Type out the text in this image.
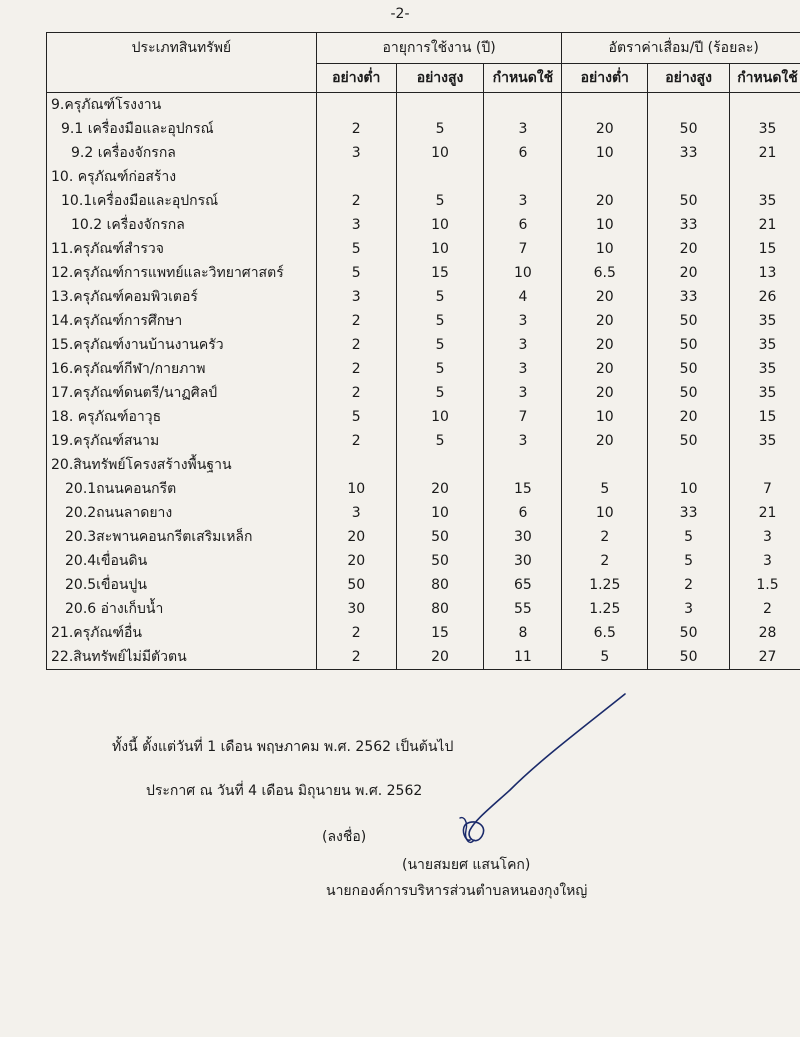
-2-
ประเภทสินทรัพย์	อายุการใช้งาน (ปี)			อัตราค่าเสื่อม/ปี (ร้อยละ)		
	อย่างต่ำ	อย่างสูง	กำหนดใช้	อย่างต่ำ	อย่างสูง	กำหนดใช้
9.ครุภัณฑ์โรงงาน						
9.1 เครื่องมือและอุปกรณ์	2	5	3	20	50	35
9.2 เครื่องจักรกล	3	10	6	10	33	21
10. ครุภัณฑ์ก่อสร้าง						
10.1เครื่องมือและอุปกรณ์	2	5	3	20	50	35
10.2 เครื่องจักรกล	3	10	6	10	33	21
11.ครุภัณฑ์สำรวจ	5	10	7	10	20	15
12.ครุภัณฑ์การแพทย์และวิทยาศาสตร์	5	15	10	6.5	20	13
13.ครุภัณฑ์คอมพิวเตอร์	3	5	4	20	33	26
14.ครุภัณฑ์การศึกษา	2	5	3	20	50	35
15.ครุภัณฑ์งานบ้านงานครัว	2	5	3	20	50	35
16.ครุภัณฑ์กีฬา/กายภาพ	2	5	3	20	50	35
17.ครุภัณฑ์ดนตรี/นาฏศิลป์	2	5	3	20	50	35
18. ครุภัณฑ์อาวุธ	5	10	7	10	20	15
19.ครุภัณฑ์สนาม	2	5	3	20	50	35
20.สินทรัพย์โครงสร้างพื้นฐาน						
20.1ถนนคอนกรีต	10	20	15	5	10	7
20.2ถนนลาดยาง	3	10	6	10	33	21
20.3สะพานคอนกรีตเสริมเหล็ก	20	50	30	2	5	3
20.4เขื่อนดิน	20	50	30	2	5	3
20.5เขื่อนปูน	50	80	65	1.25	2	1.5
20.6 อ่างเก็บน้ำ	30	80	55	1.25	3	2
21.ครุภัณฑ์อื่น	2	15	8	6.5	50	28
22.สินทรัพย์ไม่มีตัวตน	2	20	11	5	50	27
ทั้งนี้ ตั้งแต่วันที่ 1 เดือน พฤษภาคม พ.ศ. 2562 เป็นต้นไป
ประกาศ ณ วันที่ 4 เดือน มิถุนายน พ.ศ. 2562
(ลงชื่อ)
(นายสมยศ แสนโคก)
นายกองค์การบริหารส่วนตำบลหนองกุงใหญ่
